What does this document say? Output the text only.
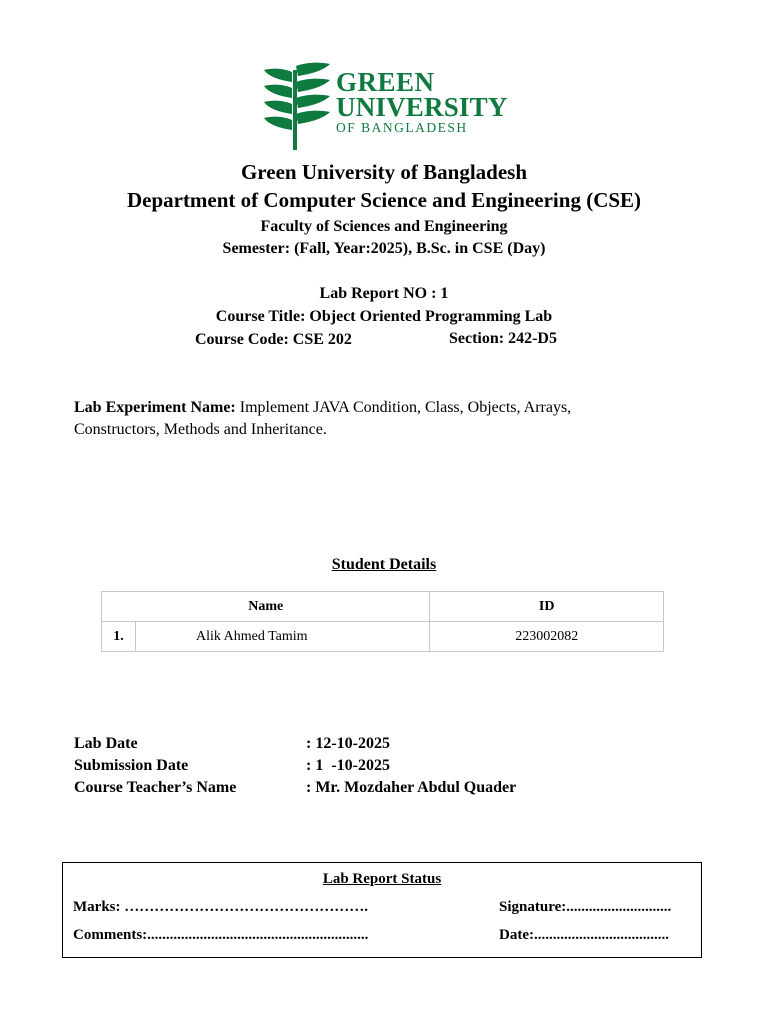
GREEN
UNIVERSITY
OF BANGLADESH
Green University of Bangladesh
Department of Computer Science and Engineering (CSE)
Faculty of Sciences and Engineering
Semester: (Fall, Year:2025), B.Sc. in CSE (Day)
Lab Report NO : 1
Course Title: Object Oriented Programming Lab
Course Code: CSE 202	Section: 242-D5
Lab Experiment Name: Implement JAVA Condition, Class, Objects, Arrays,
Constructors, Methods and Inheritance.
Student Details
Name		ID
1.	Alik Ahmed Tamim	223002082
Lab Date	: 12-10-2025
Submission Date	: 1  -10-2025
Course Teacher’s Name	: Mr. Mozdaher Abdul Quader
Lab Report Status
Marks: ………………………………………….	Signature:............................
Comments:...........................................................	Date:....................................
